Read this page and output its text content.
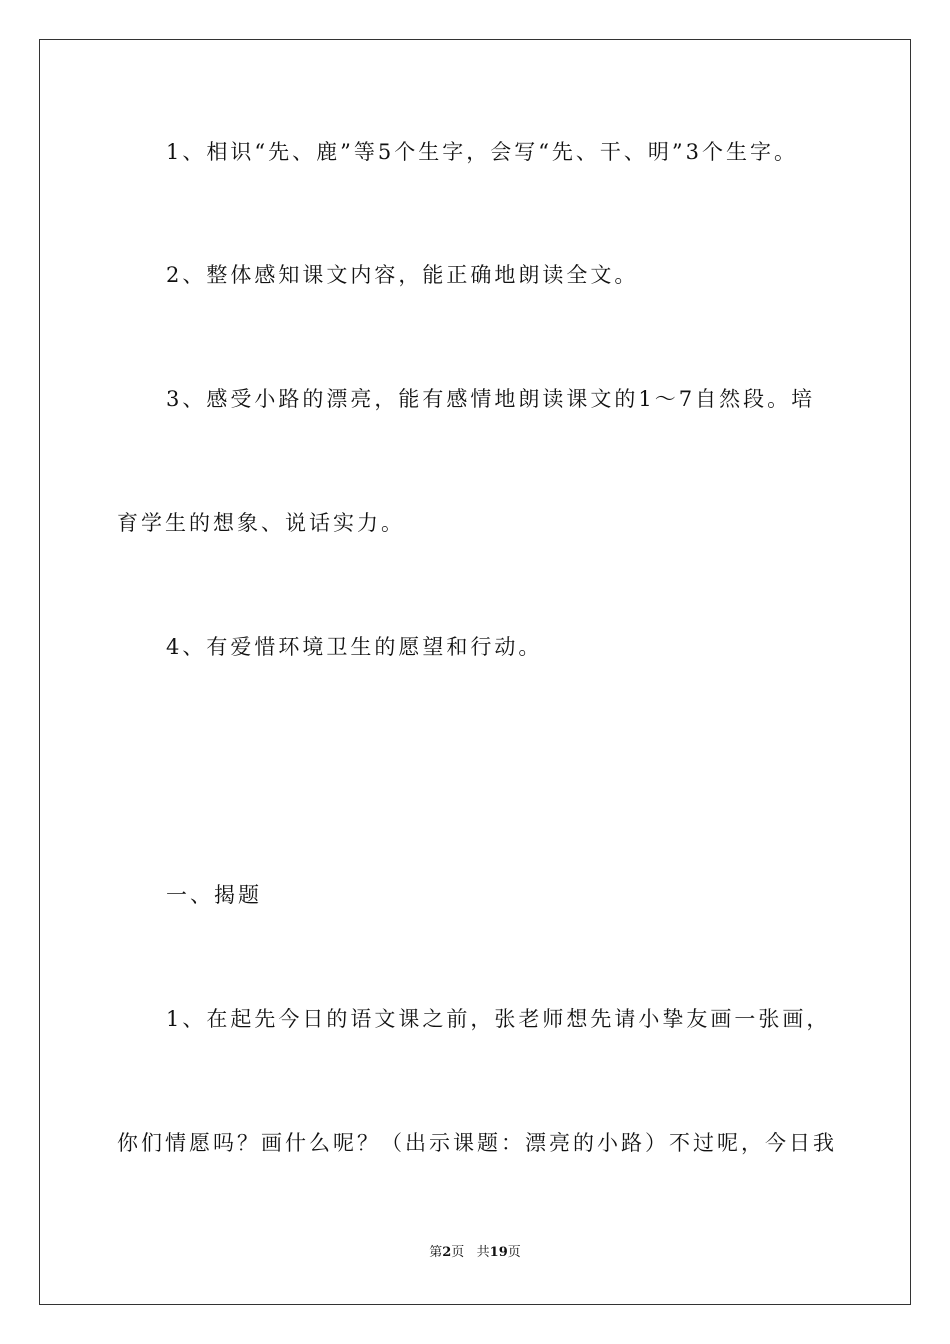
1、相识“先、鹿”等5个生字，会写“先、干、明”3个生字。
2、整体感知课文内容，能正确地朗读全文。
3、感受小路的漂亮，能有感情地朗读课文的1～7自然段。培
育学生的想象、说话实力。
4、有爱惜环境卫生的愿望和行动。
一、揭题
1、在起先今日的语文课之前，张老师想先请小挚友画一张画，
你们情愿吗？画什么呢？（出示课题：漂亮的小路）不过呢，今日我
第2页   共19页
